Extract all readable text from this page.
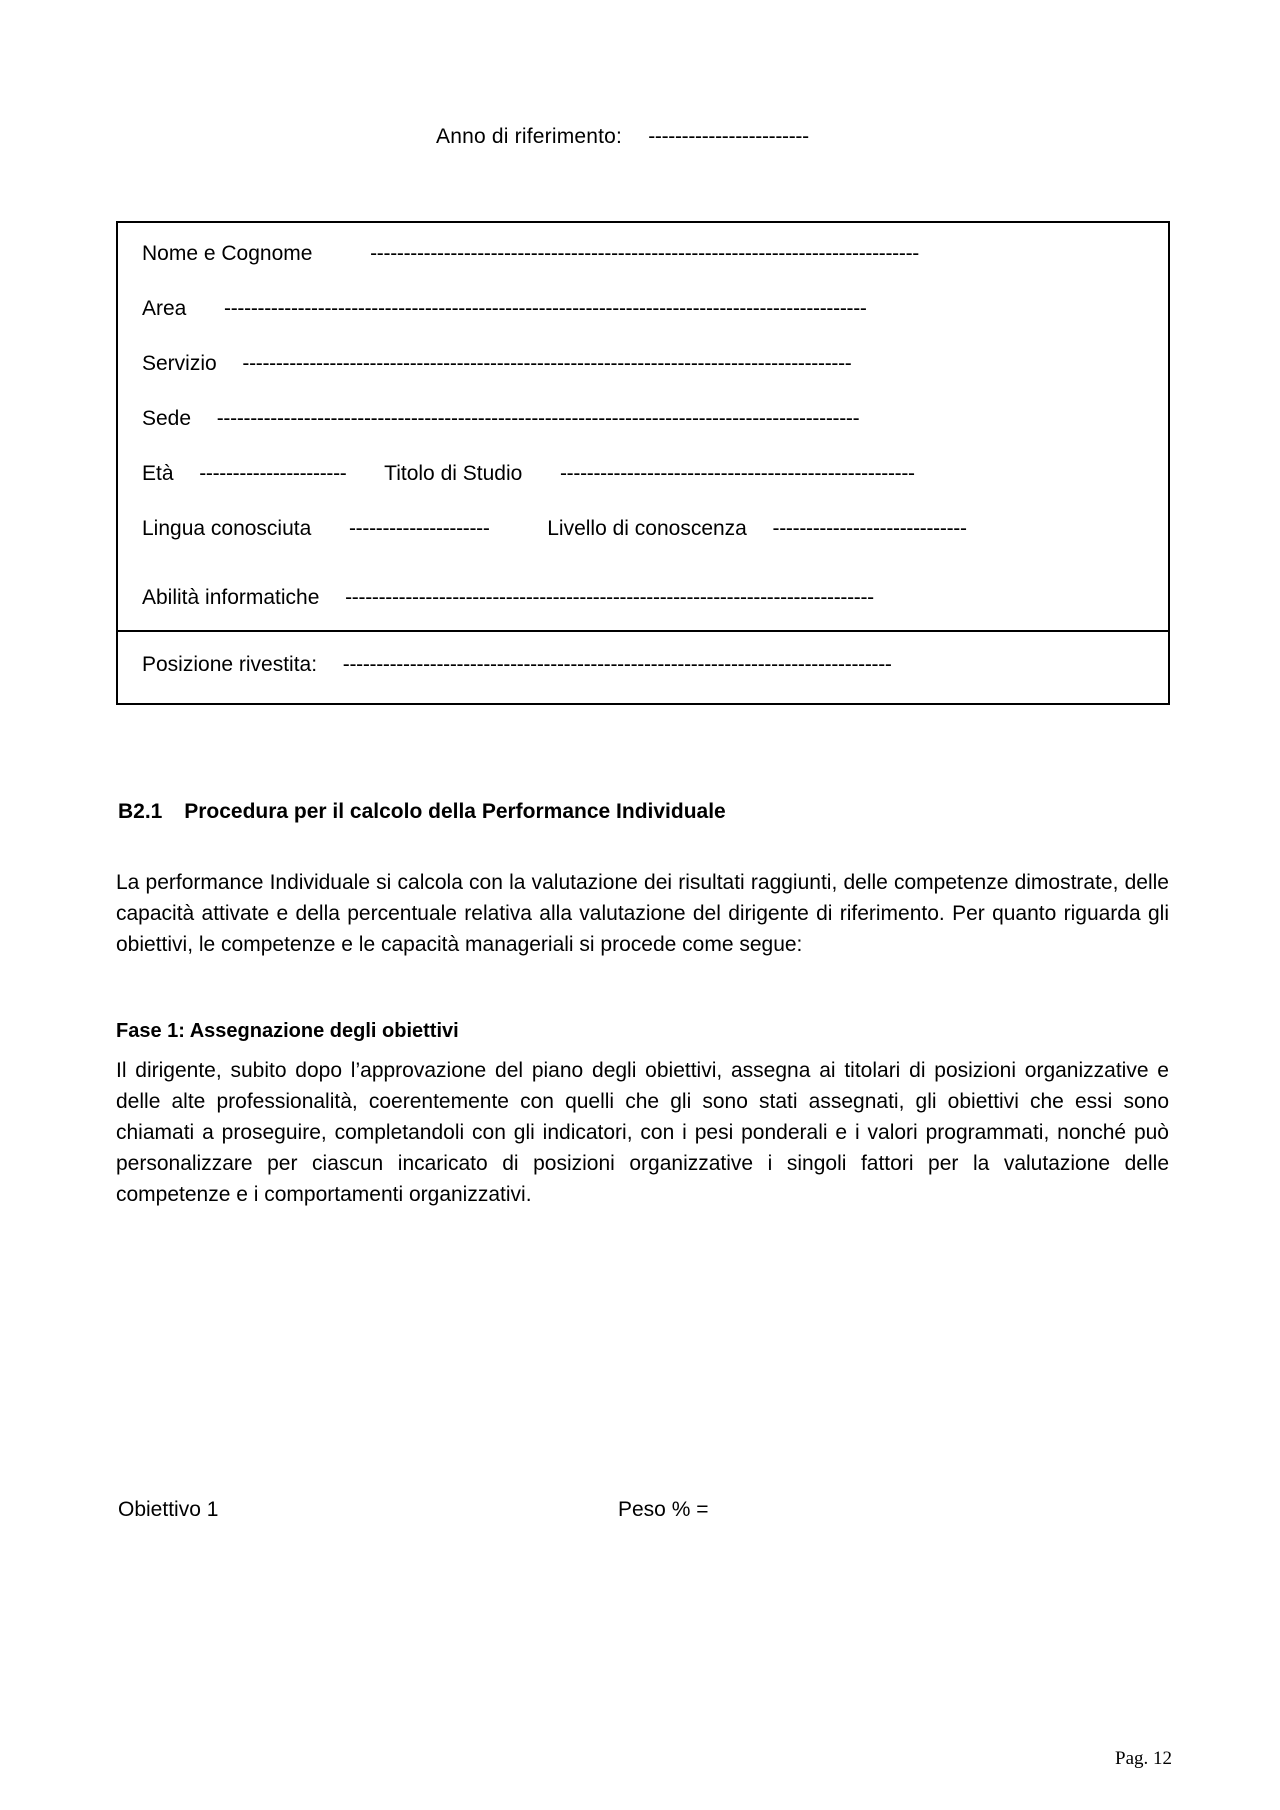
Anno di riferimento: ------------------------
Nome e Cognome	----------------------------------------------------------------------------------
Area ------------------------------------------------------------------------------------------------
Servizio -------------------------------------------------------------------------------------------
Sede ------------------------------------------------------------------------------------------------
Età ---------------------- Titolo di Studio -----------------------------------------------------
Lingua conosciuta ---------------------	Livello di conoscenza -----------------------------
Abilità informatiche -------------------------------------------------------------------------------
Posizione rivestita: ----------------------------------------------------------------------------------
B2.1 Procedura per il calcolo della Performance Individuale
La performance Individuale si calcola con la valutazione dei risultati raggiunti, delle competenze dimostrate, delle capacità attivate e della percentuale relativa alla valutazione del dirigente di riferimento. Per quanto riguarda gli obiettivi, le competenze e le capacità manageriali si procede come segue:
Fase 1: Assegnazione degli obiettivi
Il dirigente, subito dopo l’approvazione del piano degli obiettivi, assegna ai titolari di posizioni organizzative e delle alte professionalità, coerentemente con quelli che gli sono stati assegnati, gli obiettivi che essi sono chiamati a proseguire, completandoli con gli indicatori, con i pesi ponderali e i valori programmati, nonché può personalizzare per ciascun incaricato di posizioni organizzative i singoli fattori per la valutazione delle competenze e i comportamenti organizzativi.
Obiettivo 1	Peso % =
Pag. 12
